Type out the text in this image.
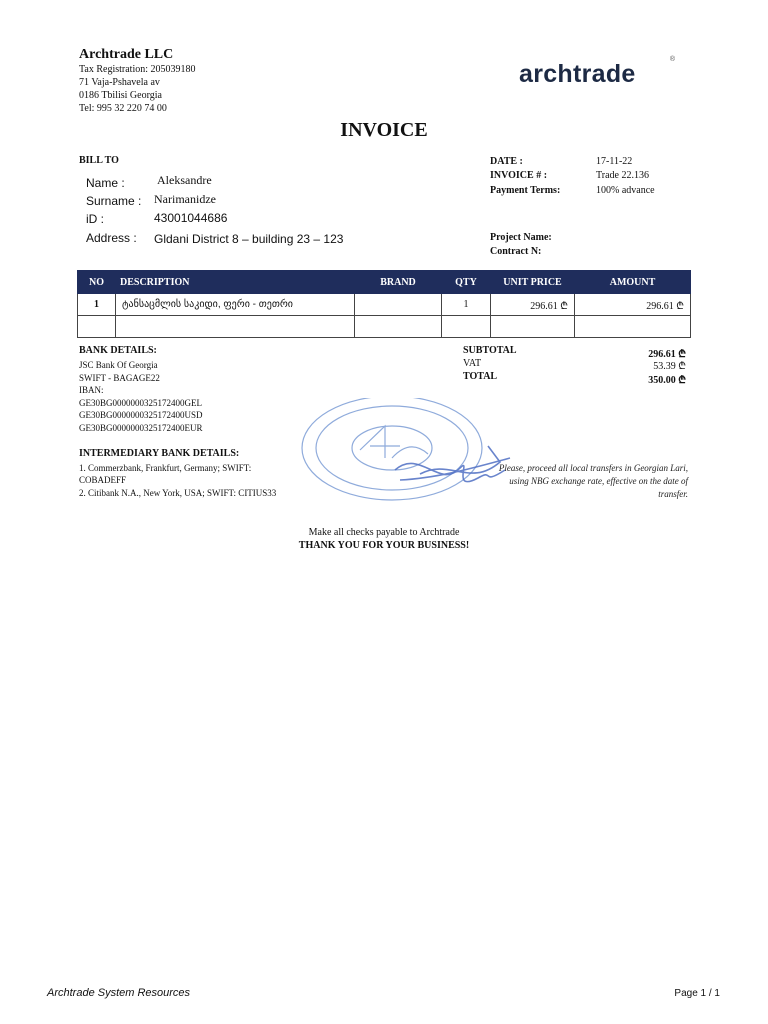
Archtrade LLC
Tax Registration: 205039180
71 Vaja-Pshavela av
0186 Tbilisi Georgia
Tel: 995 32 220 74 00
archtrade
®
INVOICE
BILL TO
Name :	Aleksandre
Surname : Narimanidze
iD :	43001044686
Address : Gldani District 8 – building 23 – 123
DATE :	17-11-22
INVOICE # :	Trade 22.136
Payment Terms:	100% advance
Project Name:
Contract N:
NO	DESCRIPTION	BRAND	QTY	UNIT PRICE	AMOUNT
1	ტანსაცმლის საკიდი, ფერი - თეთრი		1	296.61 ₾	296.61 ₾

BANK DETAILS:
JSC Bank Of Georgia
SWIFT - BAGAGE22
IBAN:
GE30BG0000000325172400GEL
GE30BG0000000325172400USD
GE30BG0000000325172400EUR
INTERMEDIARY BANK DETAILS:
1. Commerzbank, Frankfurt, Germany; SWIFT:
COBADEFF
2. Citibank N.A., New York, USA; SWIFT: CITIUS33
SUBTOTAL	296.61 ₾
VAT	53.39 ₾
TOTAL	350.00 ₾
Please, proceed all local transfers in Georgian Lari, using NBG exchange rate, effective on the date of transfer.
Make all checks payable to Archtrade
THANK YOU FOR YOUR BUSINESS!
Archtrade System Resources	Page 1 / 1
